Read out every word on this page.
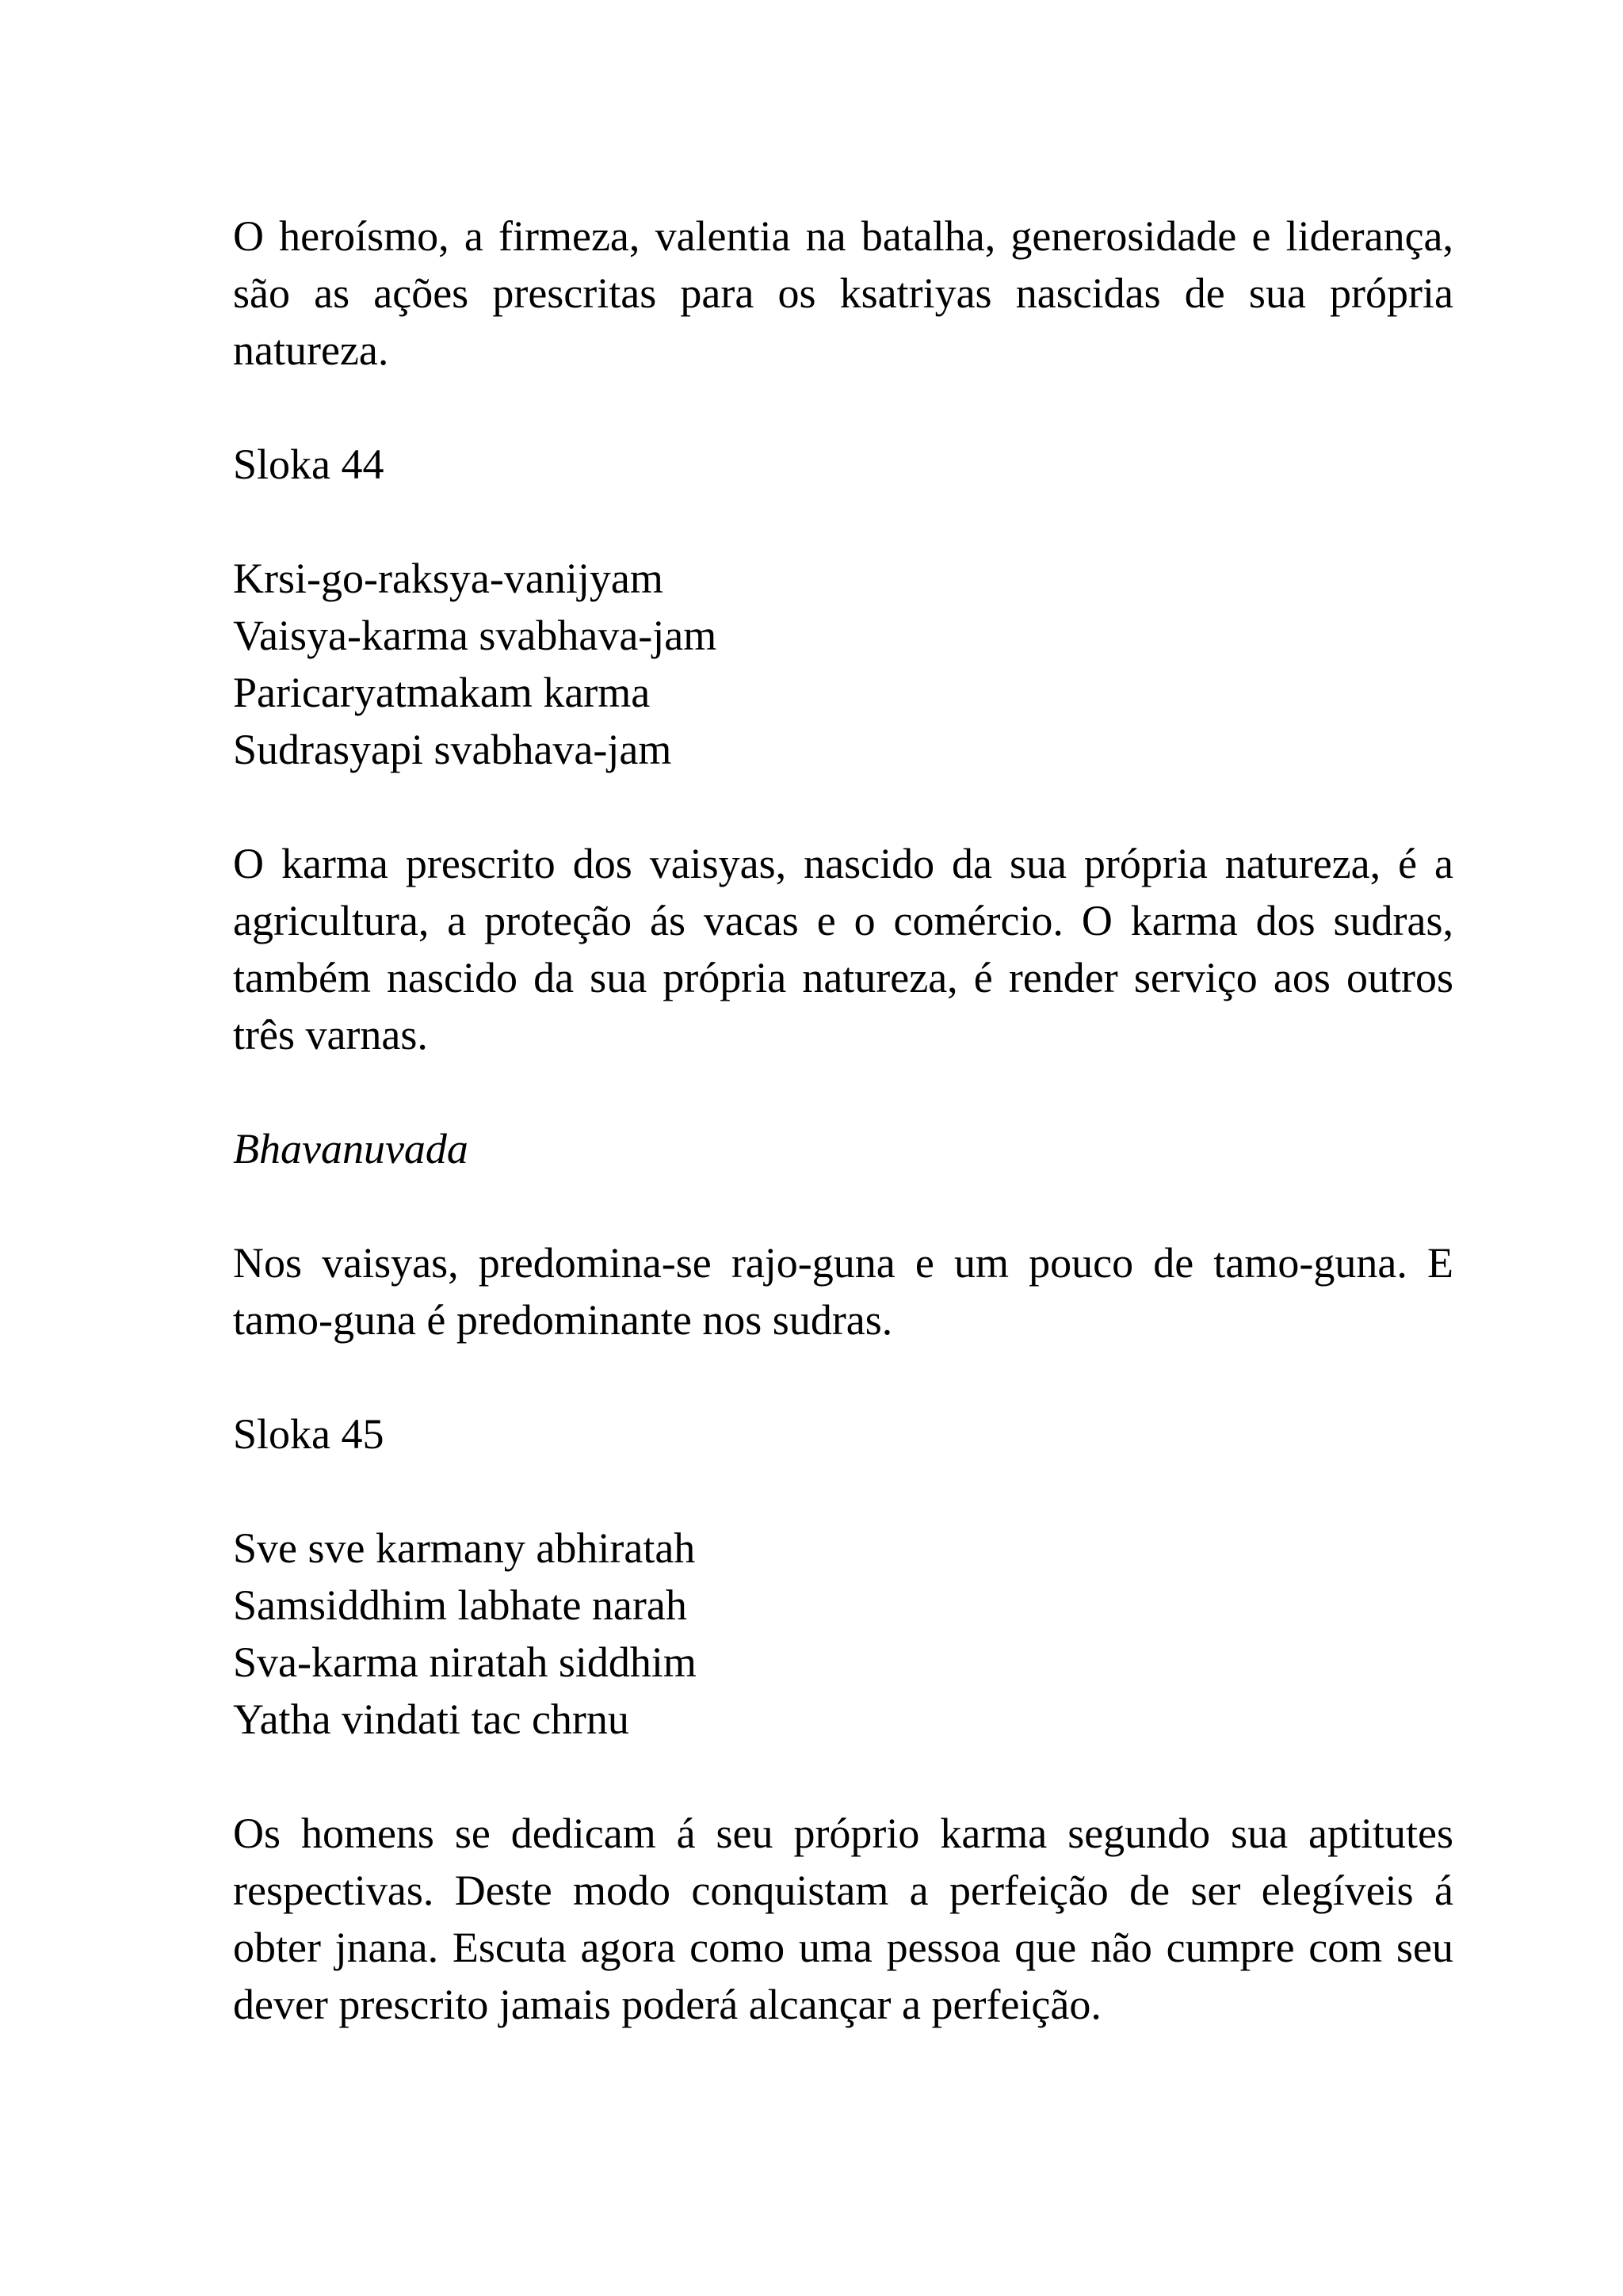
O heroísmo, a firmeza, valentia na batalha, generosidade e liderança, são as ações prescritas para os ksatriyas nascidas de sua própria natureza.

Sloka 44

Krsi-go-raksya-vanijyam
Vaisya-karma svabhava-jam
Paricaryatmakam karma
Sudrasyapi svabhava-jam

O karma prescrito dos vaisyas, nascido da sua própria natureza, é a agricultura, a proteção ás vacas e o comércio. O karma dos sudras, também nascido da sua própria natureza, é render serviço aos outros três varnas.

Bhavanuvada

Nos vaisyas, predomina-se rajo-guna e um pouco de tamo-guna. E tamo-guna é predominante nos sudras.

Sloka 45

Sve sve karmany abhiratah
Samsiddhim labhate narah
Sva-karma niratah siddhim
Yatha vindati tac chrnu

Os homens se dedicam á seu próprio karma segundo sua aptitutes respectivas. Deste modo conquistam a perfeição de ser elegíveis á obter jnana. Escuta agora como uma pessoa que não cumpre com seu dever prescrito jamais poderá alcançar a perfeição.
